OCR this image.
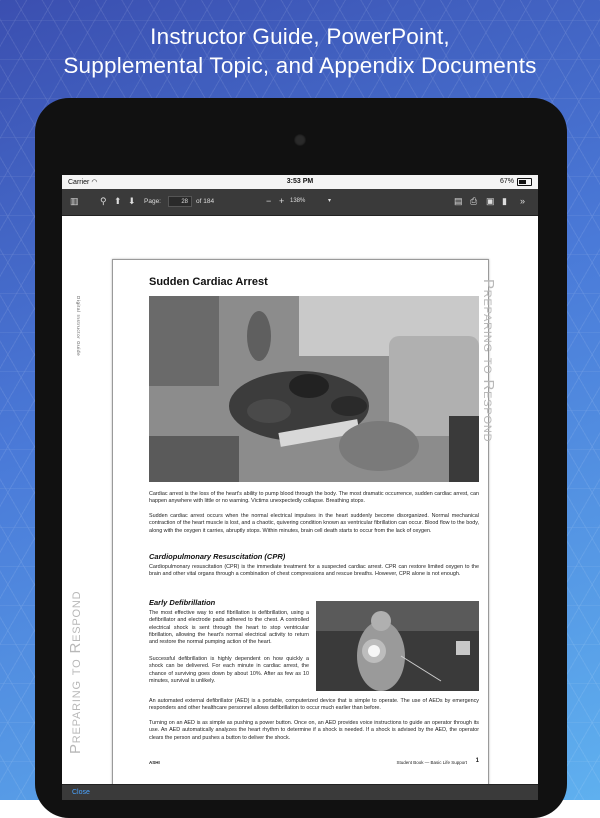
Instructor Guide, PowerPoint,
Supplemental Topic, and Appendix Documents
Carrier ◠	3:53 PM	67%
▥ ⚲ ⬆ ⬇ Page:	28	of 184	− + 138%	▾	▤ ⎙ ▣ ▮ »
Digital Instructor Guide
Sudden Cardiac Arrest	Preparing to Respond
Preparing to Respond
Cardiac arrest is the loss of the heart's ability to pump blood through the body. The most dramatic occurrence, sudden cardiac arrest, can happen anywhere with little or no warning. Victims unexpectedly collapse. Breathing stops.
Sudden cardiac arrest occurs when the normal electrical impulses in the heart suddenly become disorganized. Normal mechanical contraction of the heart muscle is lost, and a chaotic, quivering condition known as ventricular fibrillation can occur. Blood flow to the body, along with the oxygen it carries, abruptly stops. Within minutes, brain cell death starts to occur from the lack of oxygen.
Cardiopulmonary Resuscitation (CPR)
Cardiopulmonary resuscitation (CPR) is the immediate treatment for a suspected cardiac arrest. CPR can restore limited oxygen to the brain and other vital organs through a combination of chest compressions and rescue breaths. However, CPR alone is not enough.
Early Defibrillation
The most effective way to end fibrillation is defibrillation, using a defibrillator and electrode pads adhered to the chest. A controlled electrical shock is sent through the heart to stop ventricular fibrillation, allowing the heart's normal electrical activity to return and restore the normal pumping action of the heart.
Successful defibrillation is highly dependent on how quickly a shock can be delivered. For each minute in cardiac arrest, the chance of surviving goes down by about 10%. After as few as 10 minutes, survival is unlikely.
An automated external defibrillator (AED) is a portable, computerized device that is simple to operate. The use of AEDs by emergency responders and other healthcare personnel allows defibrillation to occur much earlier than before.
Turning on an AED is as simple as pushing a power button. Once on, an AED provides voice instructions to guide an operator through its use. An AED automatically analyzes the heart rhythm to determine if a shock is needed. If a shock is advised by the AED, the operator clears the person and pushes a button to deliver the shock.
ASHI	Student Book — Basic Life Support 1
Close
